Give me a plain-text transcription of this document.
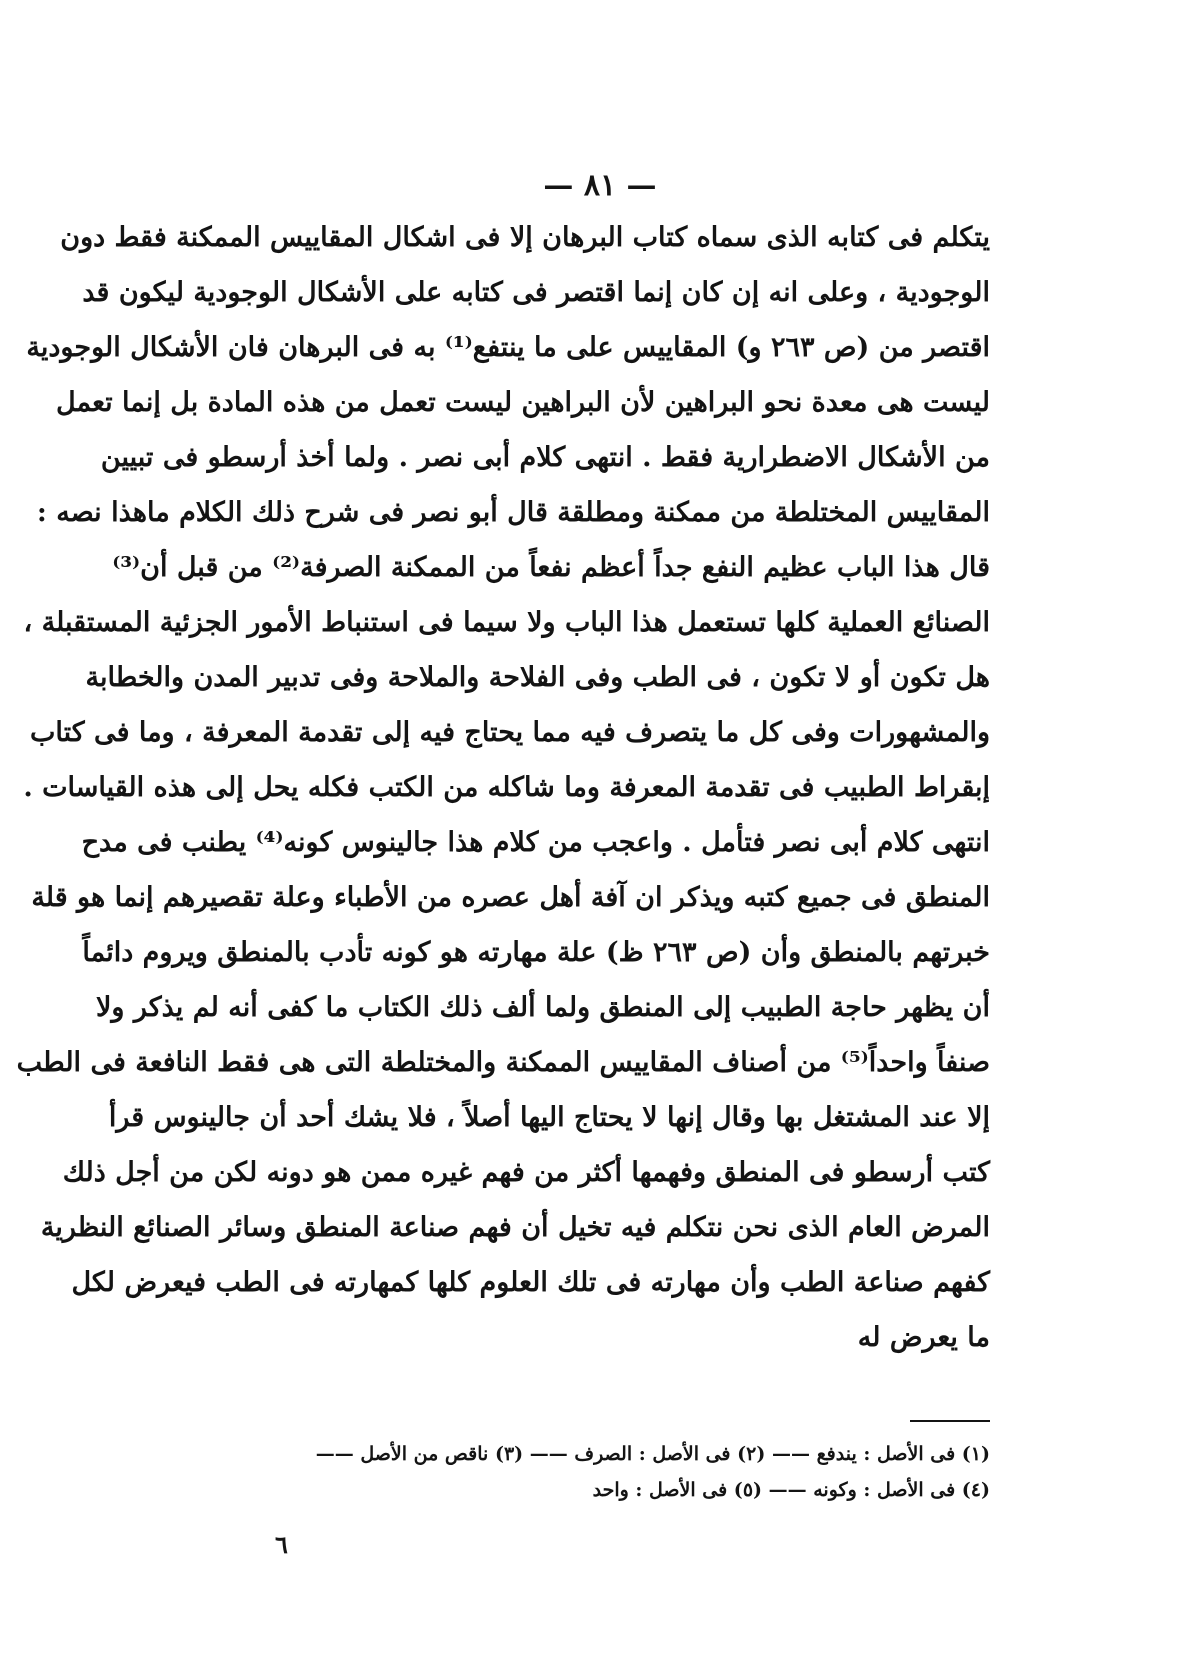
— ٨١ —
يتكلم فى كتابه الذى سماه كتاب البرهان إلا فى اشكال المقاييس الممكنة فقط دون
الوجودية ، وعلى انه إن كان إنما اقتصر فى كتابه على الأشكال الوجودية ليكون قد
اقتصر من (ص ٢٦٣ و) المقاييس على ما ينتفع⁽¹⁾ به فى البرهان فان الأشكال الوجودية
ليست هى معدة نحو البراهين لأن البراهين ليست تعمل من هذه المادة بل إنما تعمل
من الأشكال الاضطرارية فقط . انتهى كلام أبى نصر . ولما أخذ أرسطو فى تبيين
المقاييس المختلطة من ممكنة ومطلقة قال أبو نصر فى شرح ذلك الكلام ماهذا نصه :
قال هذا الباب عظيم النفع جداً أعظم نفعاً من الممكنة الصرفة⁽²⁾ من قبل أن⁽³⁾
الصنائع العملية كلها تستعمل هذا الباب ولا سيما فى استنباط الأمور الجزئية المستقبلة ،
هل تكون أو لا تكون ، فى الطب وفى الفلاحة والملاحة وفى تدبير المدن والخطابة
والمشهورات وفى كل ما يتصرف فيه مما يحتاج فيه إلى تقدمة المعرفة ، وما فى كتاب
إبقراط الطبيب فى تقدمة المعرفة وما شاكله من الكتب فكله يحل إلى هذه القياسات .
انتهى كلام أبى نصر فتأمل . واعجب من كلام هذا جالينوس كونه⁽⁴⁾ يطنب فى مدح
المنطق فى جميع كتبه ويذكر ان آفة أهل عصره من الأطباء وعلة تقصيرهم إنما هو قلة
خبرتهم بالمنطق وأن (ص ٢٦٣ ظ) علة مهارته هو كونه تأدب بالمنطق ويروم دائماً
أن يظهر حاجة الطبيب إلى المنطق ولما ألف ذلك الكتاب ما كفى أنه لم يذكر ولا
صنفاً واحداً⁽⁵⁾ من أصناف المقاييس الممكنة والمختلطة التى هى فقط النافعة فى الطب
إلا عند المشتغل بها وقال إنها لا يحتاج اليها أصلاً ، فلا يشك أحد أن جالينوس قرأ
كتب أرسطو فى المنطق وفهمها أكثر من فهم غيره ممن هو دونه لكن من أجل ذلك
المرض العام الذى نحن نتكلم فيه تخيل أن فهم صناعة المنطق وسائر الصنائع النظرية
كفهم صناعة الطب وأن مهارته فى تلك العلوم كلها كمهارته فى الطب فيعرض لكل
ما يعرض له
(١) فى الأصل : يندفع —— (٢) فى الأصل : الصرف —— (٣) ناقص من الأصل ——
(٤) فى الأصل : وكونه —— (٥) فى الأصل : واحد
٦
